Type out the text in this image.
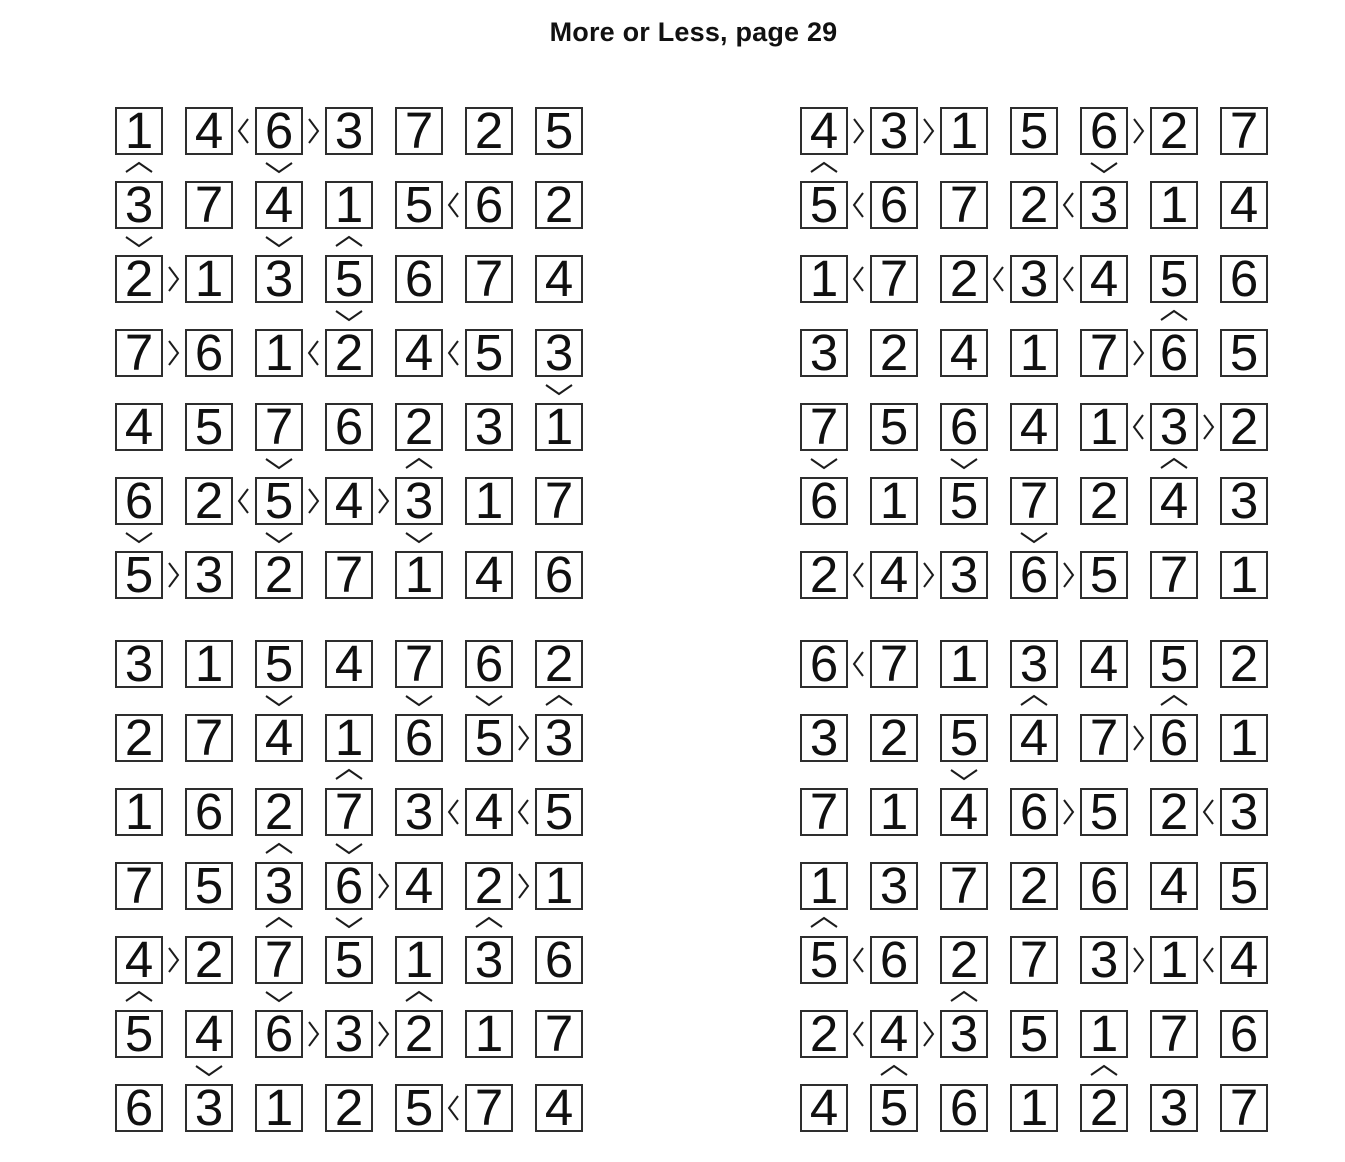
More or Less, page 29
1 4 6 3 7 2 5
3 7 4 1 5 6 2
2 1 3 5 6 7 4
7 6 1 2 4 5 3
4 5 7 6 2 3 1
6 2 5 4 3 1 7
5 3 2 7 1 4 6
4 3 1 5 6 2 7
5 6 7 2 3 1 4
1 7 2 3 4 5 6
3 2 4 1 7 6 5
7 5 6 4 1 3 2
6 1 5 7 2 4 3
2 4 3 6 5 7 1
3 1 5 4 7 6 2
2 7 4 1 6 5 3
1 6 2 7 3 4 5
7 5 3 6 4 2 1
4 2 7 5 1 3 6
5 4 6 3 2 1 7
6 3 1 2 5 7 4
6 7 1 3 4 5 2
3 2 5 4 7 6 1
7 1 4 6 5 2 3
1 3 7 2 6 4 5
5 6 2 7 3 1 4
2 4 3 5 1 7 6
4 5 6 1 2 3 7
